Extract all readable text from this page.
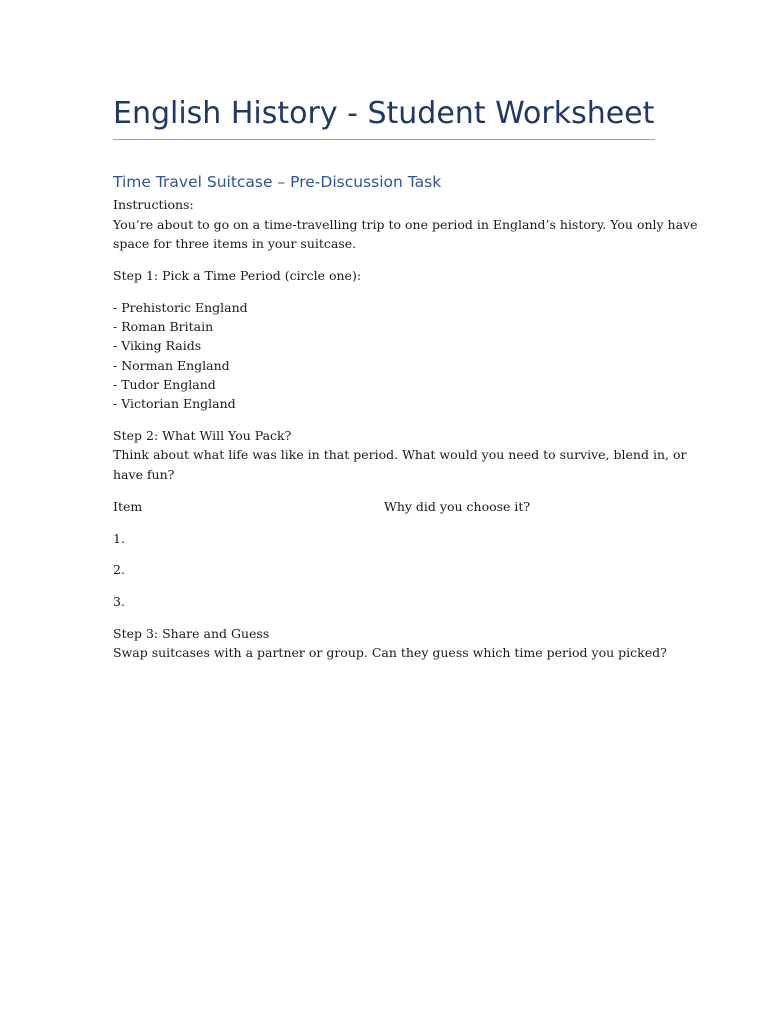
English History - Student Worksheet
Time Travel Suitcase – Pre-Discussion Task
Instructions:
You’re about to go on a time-travelling trip to one period in England’s history. You only have
space for three items in your suitcase.
Step 1: Pick a Time Period (circle one):
- Prehistoric England
- Roman Britain
- Viking Raids
- Norman England
- Tudor England
- Victorian England
Step 2: What Will You Pack?
Think about what life was like in that period. What would you need to survive, blend in, or
have fun?
Item	Why did you choose it?
1.
2.
3.
Step 3: Share and Guess
Swap suitcases with a partner or group. Can they guess which time period you picked?
